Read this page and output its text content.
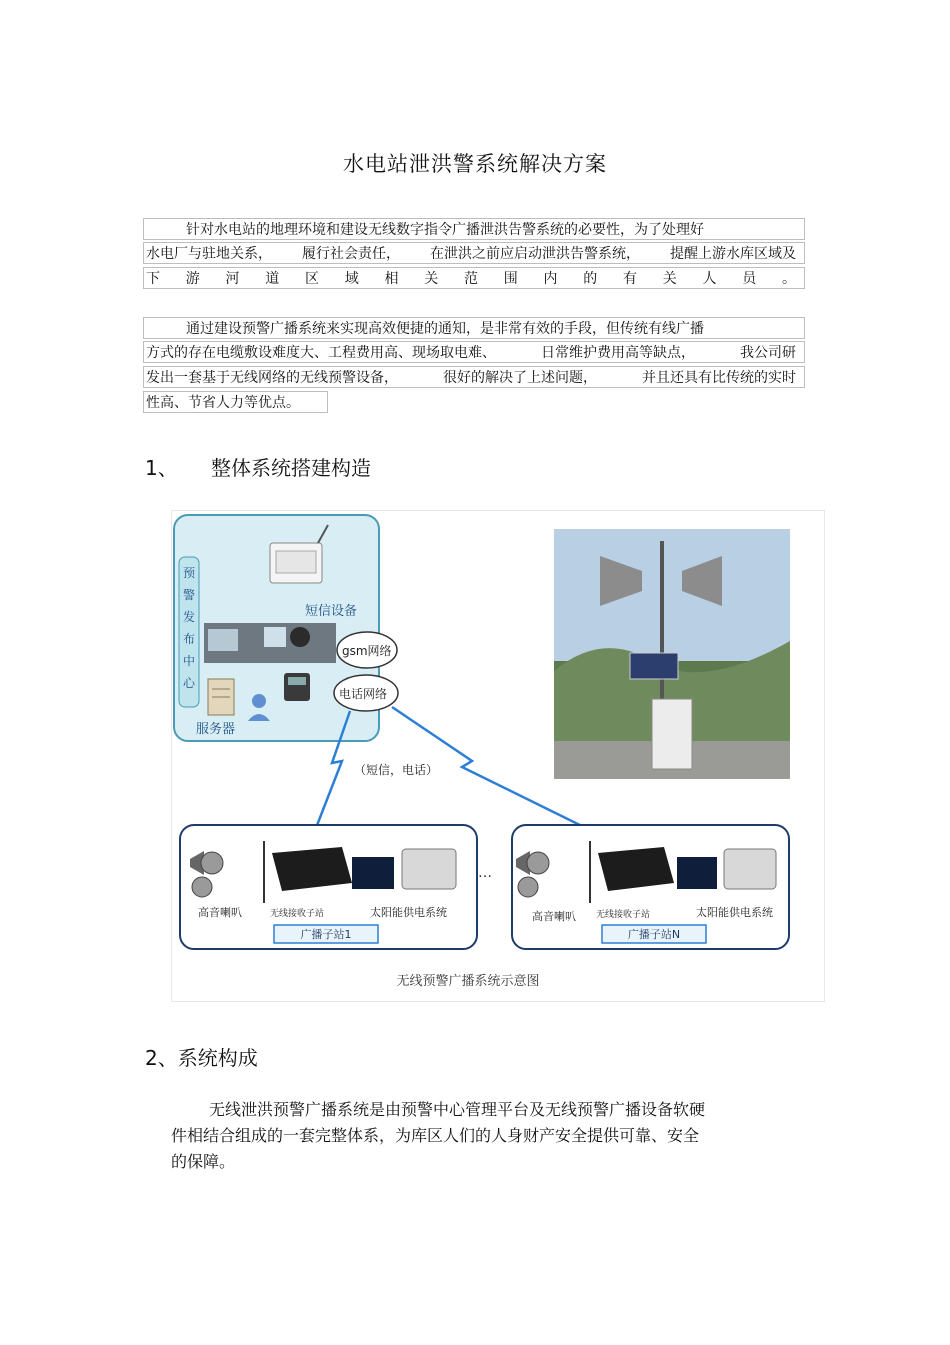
水电站泄洪警系统解决方案
针对水电站的地理环境和建设无线数字指令广播泄洪告警系统的必要性，为了处理好
水电厂与驻地关系， 履行社会责任， 在泄洪之前应启动泄洪告警系统， 提醒上游水库区域及
下 游 河 道 区 域 相 关 范 围 内 的 有 关 人 员 。
通过建设预警广播系统来实现高效便捷的通知，是非常有效的手段，但传统有线广播
方式的存在电缆敷设难度大、工程费用高、现场取电难、	日常维护费用高等缺点，	我公司研
发出一套基于无线网络的无线预警设备，	很好的解决了上述问题，	并且还具有比传统的实时
性高、节省人力等优点。
1、 整体系统搭建构造
预警发布中心
短信设备
服务器
gsm网络
电话网络
（短信，电话）
高音喇叭	无线接收子站	太阳能供电系统
广播子站1
…
高音喇叭 无线接收子站	太阳能供电系统
广播子站N
无线预警广播系统示意图
2、系统构成
无线泄洪预警广播系统是由预警中心管理平台及无线预警广播设备软硬
件相结合组成的一套完整体系，为库区人们的人身财产安全提供可靠、安全
的保障。
